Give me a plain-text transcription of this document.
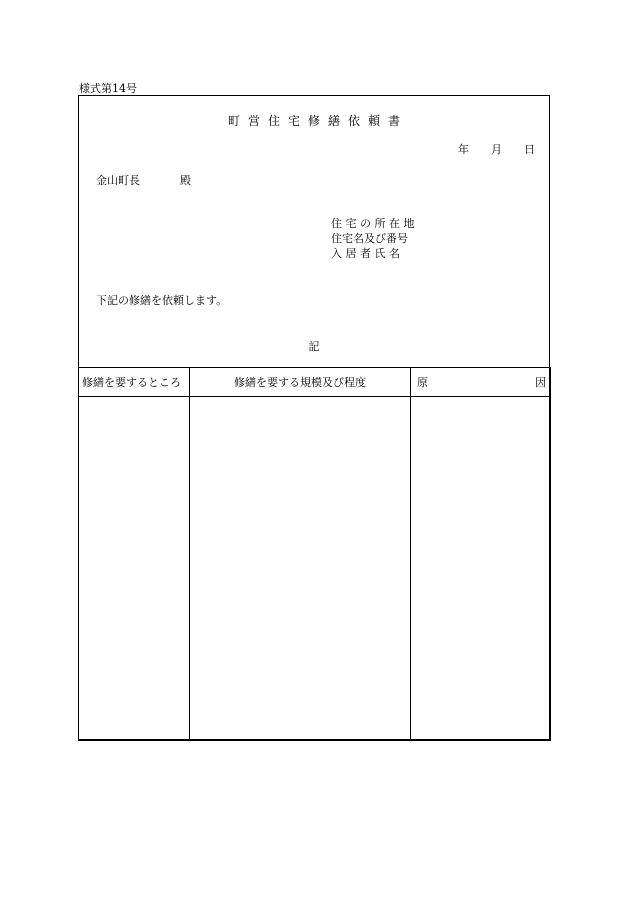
様式第14号
町営住宅修繕依頼書
年 月 日
金山町長	殿
住宅の所在地
住宅名及び番号
入居者氏名
下記の修繕を依頼します。
記
修繕を要するところ	修繕を要する規模及び程度	原 因
